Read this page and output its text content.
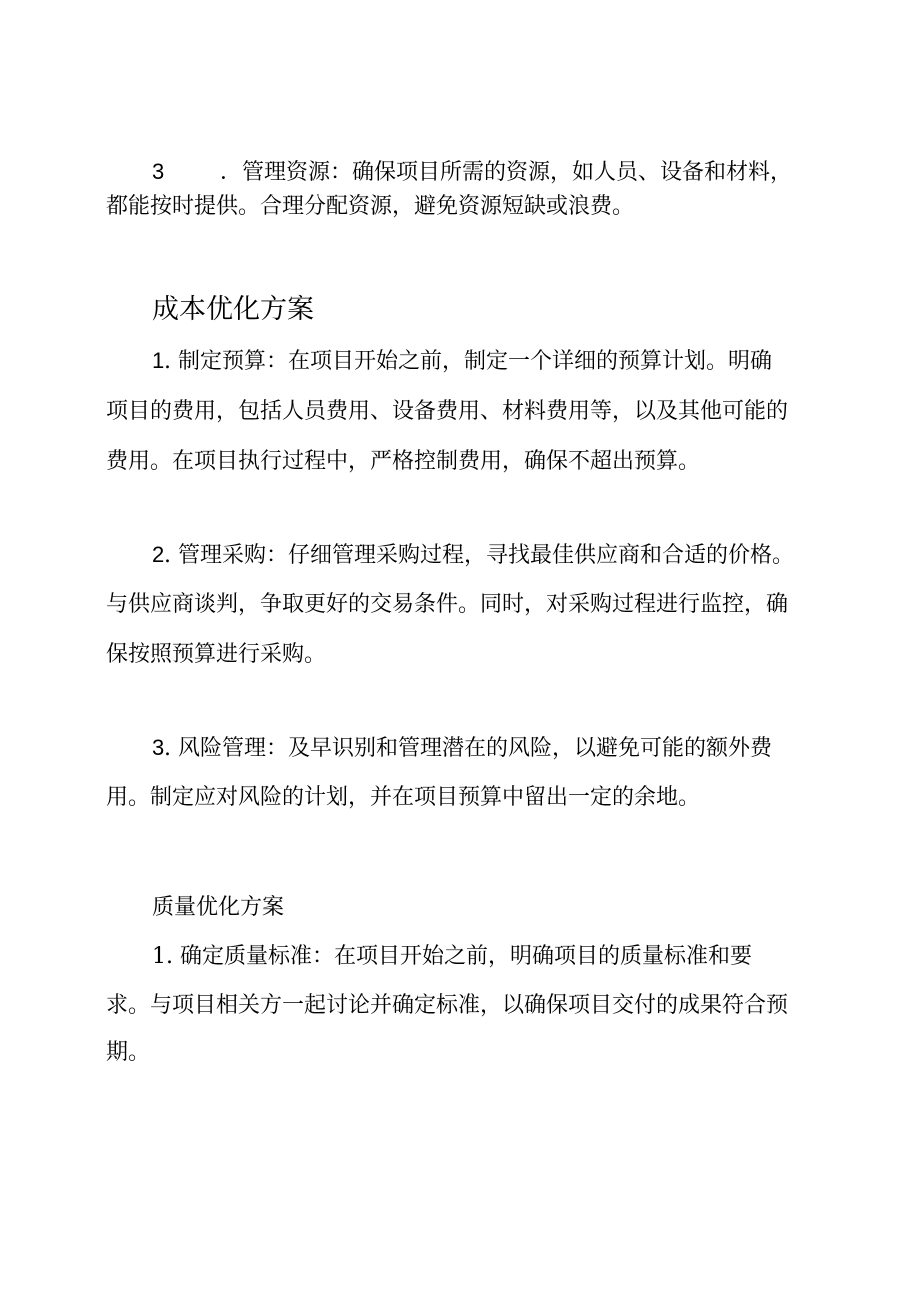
3	．管理资源：确保项目所需的资源，如人员、设备和材料，
都能按时提供。合理分配资源，避免资源短缺或浪费。
成本优化方案
1. 制定预算：在项目开始之前，制定一个详细的预算计划。明确
项目的费用，包括人员费用、设备费用、材料费用等，以及其他可能的
费用。在项目执行过程中，严格控制费用，确保不超出预算。
2. 管理采购：仔细管理采购过程，寻找最佳供应商和合适的价格。
与供应商谈判，争取更好的交易条件。同时，对采购过程进行监控，确
保按照预算进行采购。
3. 风险管理：及早识别和管理潜在的风险，以避免可能的额外费
用。制定应对风险的计划，并在项目预算中留出一定的余地。
质量优化方案
1. 确定质量标准：在项目开始之前，明确项目的质量标准和要
求。与项目相关方一起讨论并确定标准，以确保项目交付的成果符合预
期。
